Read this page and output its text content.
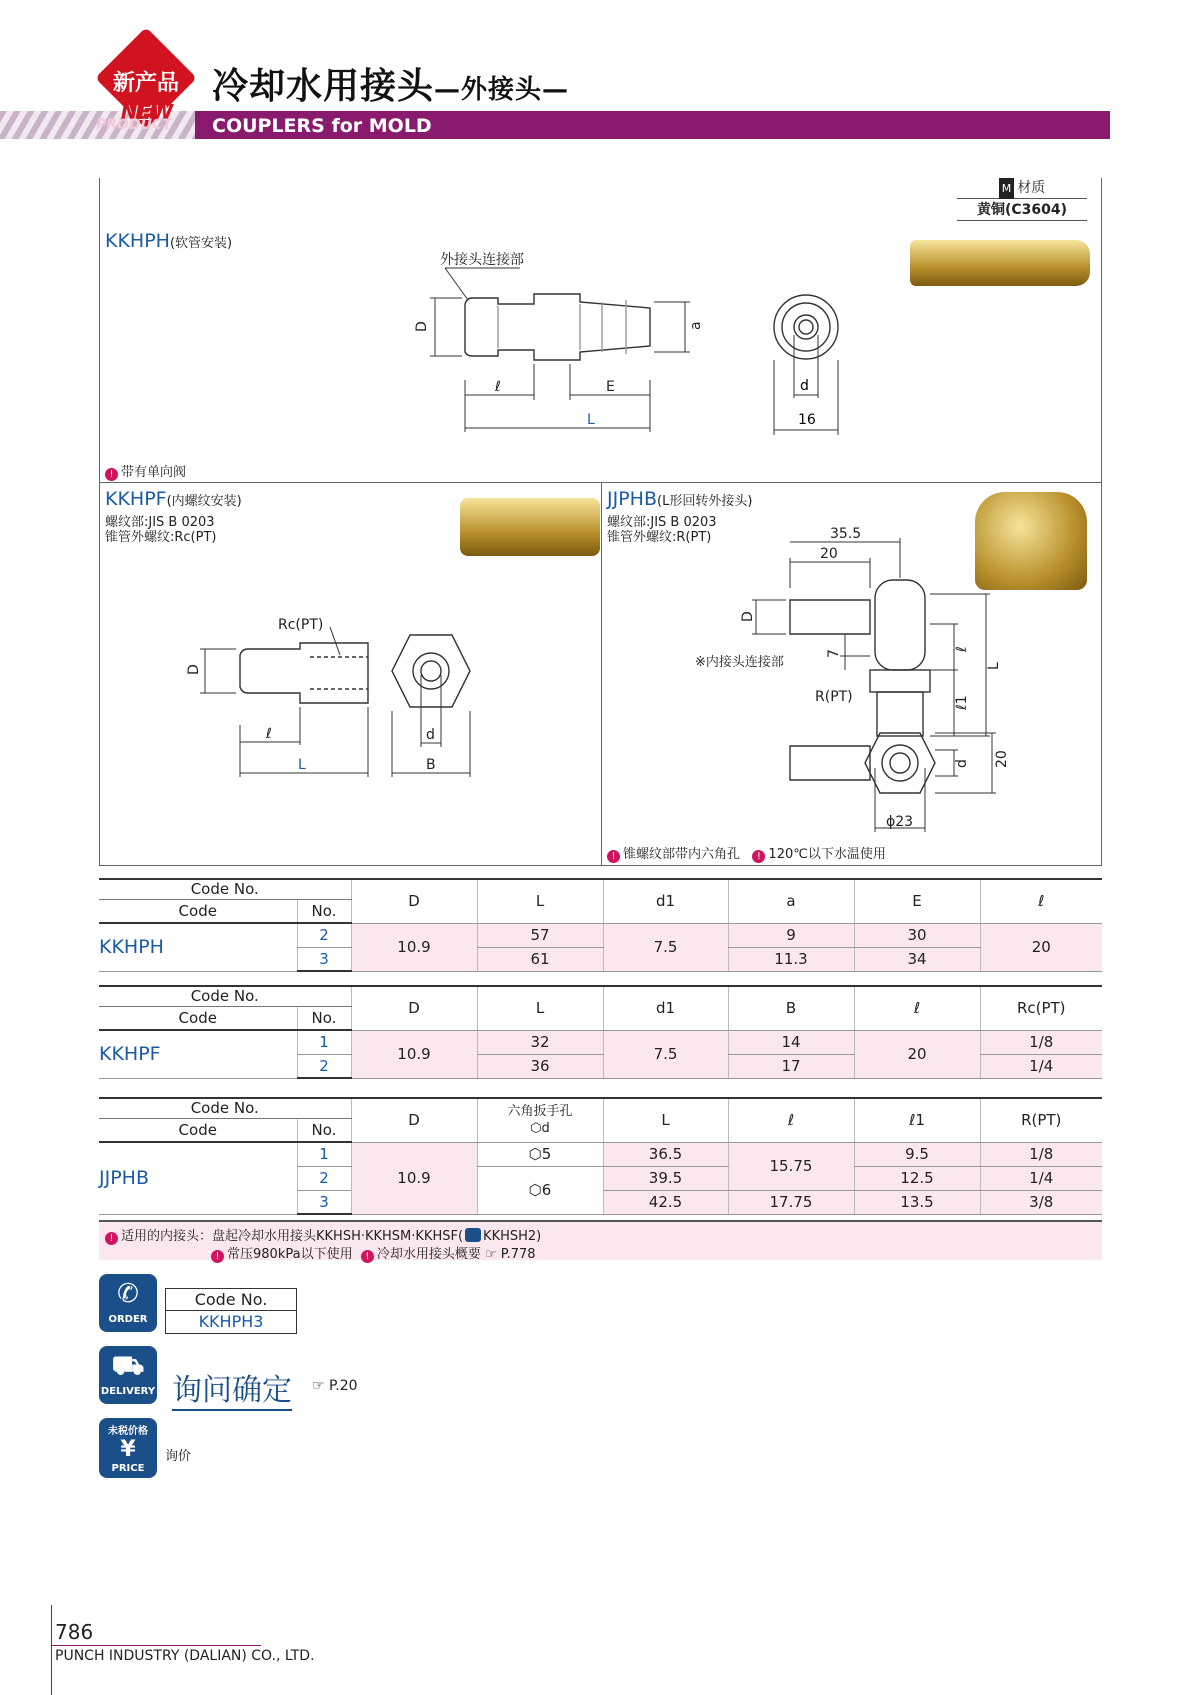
新产品
NEW
PRODUCT
冷却水用接头—外接头—
COUPLERS for MOLD
M 材质
黄铜(C3604)
KKHPH(软管安装)
外接头连接部
ℓ	E
L
D	a
d
16
! 带有单向阀
KKHPF(内螺纹安装)
螺纹部:JIS B 0203
锥管外螺纹:Rc(PT)
Rc(PT)
ℓ
L
D
d
B
JJPHB(L形回转外接头)
螺纹部:JIS B 0203
锥管外螺纹:R(PT)	35.5
20
D
7	ℓ
ℓ1
L
d 20
ϕ23
※内接头连接部
R(PT)
! 锥螺纹部带内六角孔 ! 120℃以下水温使用
Code No.		D	L	d1	a	E	ℓ
Code	No.						
KKHPH	2	10.9	57	7.5	9	30	20
	3		61		11.3	34	
Code No.		D	L	d1	B	ℓ	Rc(PT)
Code	No.						
KKHPF	1	10.9	32	7.5	14	20	1/8
	2		36		17		1/4
Code No.		D	六角扳手孔
⬡d	L	ℓ	ℓ1	R(PT)
Code	No.						
JJPHB	1	10.9	⬡5	36.5	15.75	9.5	1/8
	2		⬡6	39.5		12.5	1/4
	3			42.5	17.75	13.5	3/8
! 适用的内接头：盘起冷却水用接头KKHSH·KKHSM·KKHSF( KKHSH2)
! 常压980kPa以下使用 ! 冷却水用接头概要 ☞ P.778
✆
ORDER
Code No.
KKHPH3
⛟
DELIVERY 询问确定 ☞ P.20
未税价格
¥
PRICE
询价
786
PUNCH INDUSTRY (DALIAN) CO., LTD.
